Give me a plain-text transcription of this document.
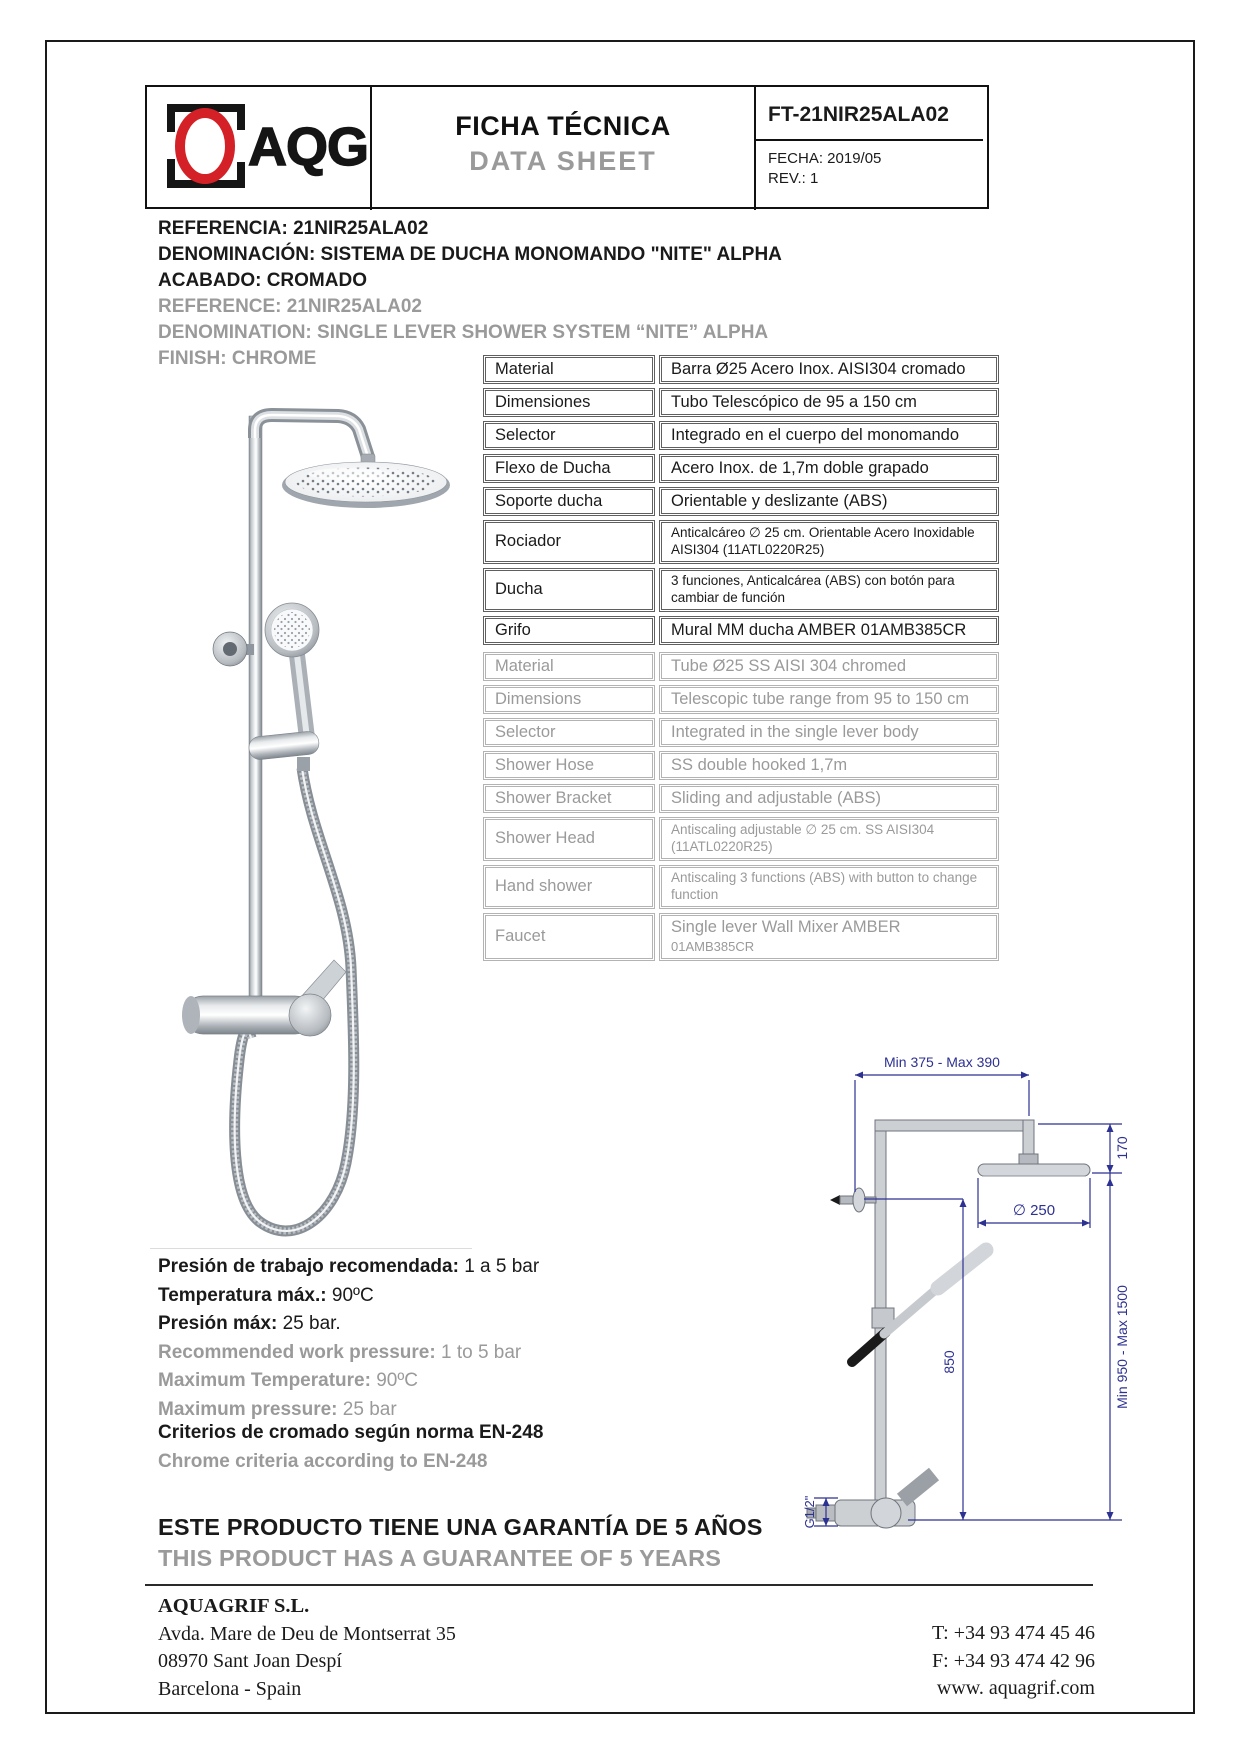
AQG	FICHA TÉCNICA
DATA SHEET
FT-21NIR25ALA02
FECHA: 2019/05
REV.: 1
REFERENCIA: 21NIR25ALA02
DENOMINACIÓN: SISTEMA DE DUCHA MONOMANDO "NITE" ALPHA
ACABADO: CROMADO
REFERENCE: 21NIR25ALA02
DENOMINATION: SINGLE LEVER SHOWER SYSTEM “NITE” ALPHA
FINISH: CHROME	Material	Barra Ø25 Acero Inox. AISI304 cromado
Dimensiones	Tubo Telescópico de 95 a 150 cm
Selector	Integrado en el cuerpo del monomando
Flexo de Ducha	Acero Inox. de 1,7m doble grapado
Soporte ducha	Orientable y deslizante (ABS)
Rociador	Anticalcáreo ∅ 25 cm. Orientable Acero Inoxidable AISI304 (11ATL0220R25)
Ducha	3 funciones, Anticalcárea (ABS) con botón para cambiar de función
Grifo	Mural MM ducha AMBER 01AMB385CR
Material	Tube Ø25 SS AISI 304 chromed
Dimensions	Telescopic tube range from 95 to 150 cm
Selector	Integrated in the single lever body
Shower Hose	SS double hooked 1,7m
Shower Bracket	Sliding and adjustable (ABS)
Shower Head	Antiscaling adjustable ∅ 25 cm. SS AISI304 (11ATL0220R25)
Hand shower	Antiscaling 3 functions (ABS) with button to change function
Faucet	Single lever Wall Mixer AMBER 01AMB385CR
Min 375 - Max 390
170
∅ 250
850	Min 950 - Max 1500
G1/2"
Presión de trabajo recomendada: 1 a 5 bar
Temperatura máx.: 90ºC
Presión máx: 25 bar.
Recommended work pressure: 1 to 5 bar
Maximum Temperature: 90ºC
Maximum pressure: 25 bar
Criterios de cromado según norma EN-248
Chrome criteria according to EN-248
ESTE PRODUCTO TIENE UNA GARANTÍA DE 5 AÑOS
THIS PRODUCT HAS A GUARANTEE OF 5 YEARS
AQUAGRIF S.L.
Avda. Mare de Deu de Montserrat 35
08970 Sant Joan Despí
Barcelona - Spain
T: +34 93 474 45 46
F: +34 93 474 42 96
www. aquagrif.com
